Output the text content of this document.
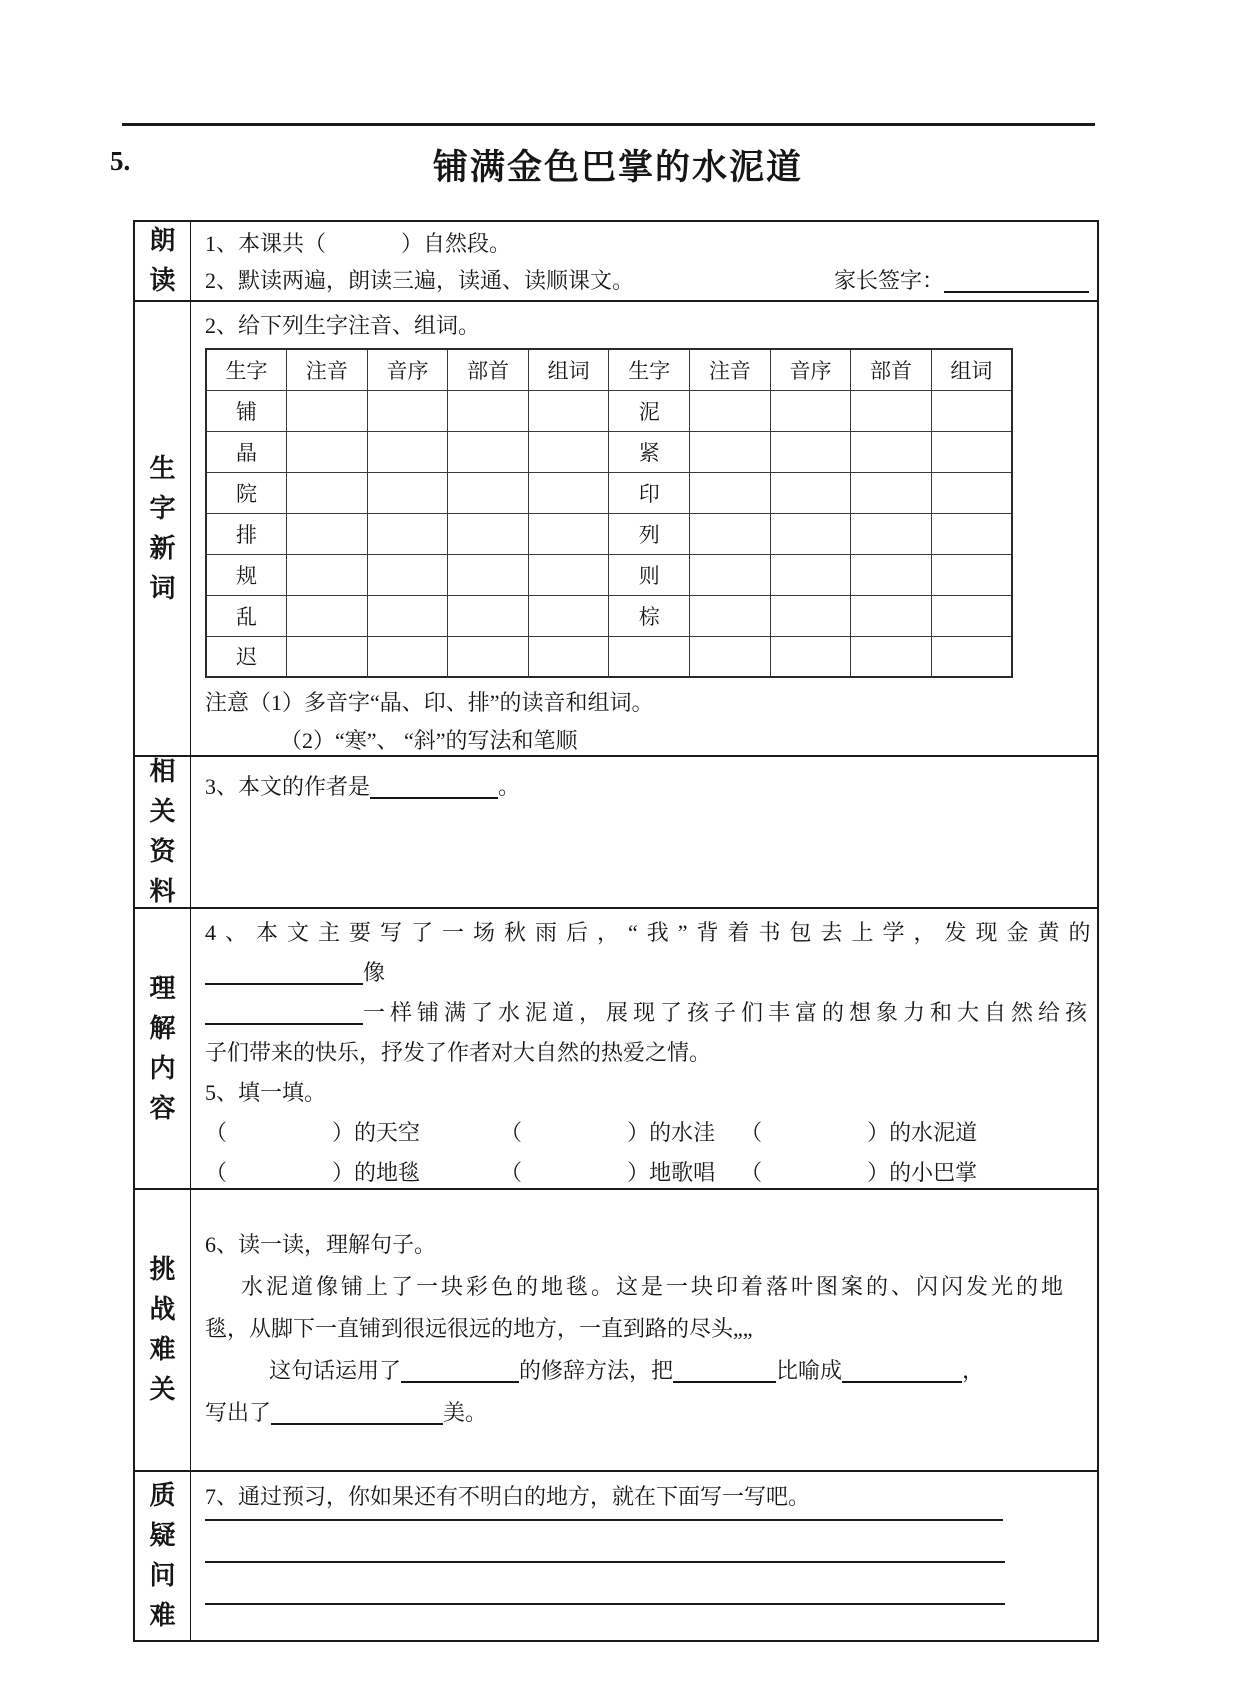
5.	铺满金色巴掌的水泥道
朗读
1、本课共（	）自然段。
2、默读两遍，朗读三遍，读通、读顺课文。	家长签字：
生字新词
2、给下列生字注音、组词。
生字	注音	音序	部首	组词	生字	注音	音序	部首	组词
铺					泥				
晶					紧				
院					印				
排					列				
规					则				
乱					棕				
迟									
注意（1）多音字“晶、印、排”的读音和组词。
（2）“寒”、 “斜”的写法和笔顺
相关资料
3、本文的作者是	。
理解内容
4、本文主要写了一场秋雨后，“我”背着书包去上学，发现金黄的
像
一样铺满了水泥道，展现了孩子们丰富的想象力和大自然给孩
子们带来的快乐，抒发了作者对大自然的热爱之情。
5、填一填。
（	）的天空	（	）的水洼 （	）的水泥道
（	）的地毯	（	）地歌唱 （	）的小巴掌
挑战难关
6、读一读，理解句子。
水泥道像铺上了一块彩色的地毯。这是一块印着落叶图案的、闪闪发光的地
毯，从脚下一直铺到很远很远的地方，一直到路的尽头„„
这句话运用了	的修辞方法，把	比喻成	，
写出了	美。
质疑问难
7、通过预习，你如果还有不明白的地方，就在下面写一写吧。
